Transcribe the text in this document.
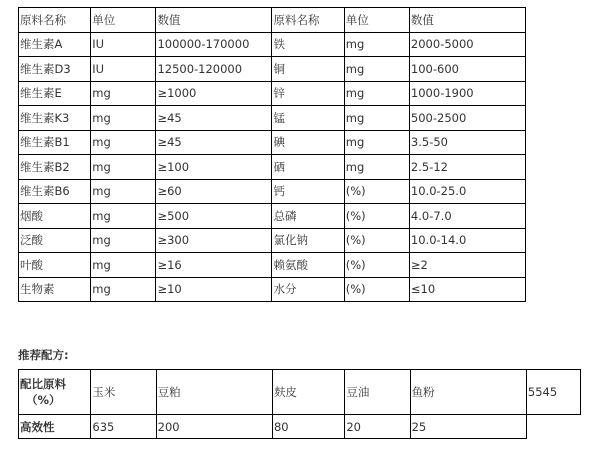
原料名称	单位	数值	原料名称	单位	数值
维生素A	IU	100000-170000	铁	mg	2000-5000
维生素D3	IU	12500-120000	铜	mg	100-600
维生素E	mg	≥1000	锌	mg	1000-1900
维生素K3	mg	≥45	锰	mg	500-2500
维生素B1	mg	≥45	碘	mg	3.5-50
维生素B2	mg	≥100	硒	mg	2.5-12
维生素B6	mg	≥60	钙	(%)	10.0-25.0
烟酸	mg	≥500	总磷	(%)	4.0-7.0
泛酸	mg	≥300	氯化钠	(%)	10.0-14.0
叶酸	mg	≥16	赖氨酸	(%)	≥2
生物素	mg	≥10	水分	(%)	≤10
推荐配方:
配比原料
（%）	玉米	豆粕	麸皮	豆油	鱼粉	5545
高效性	635	200	80	20	25	
